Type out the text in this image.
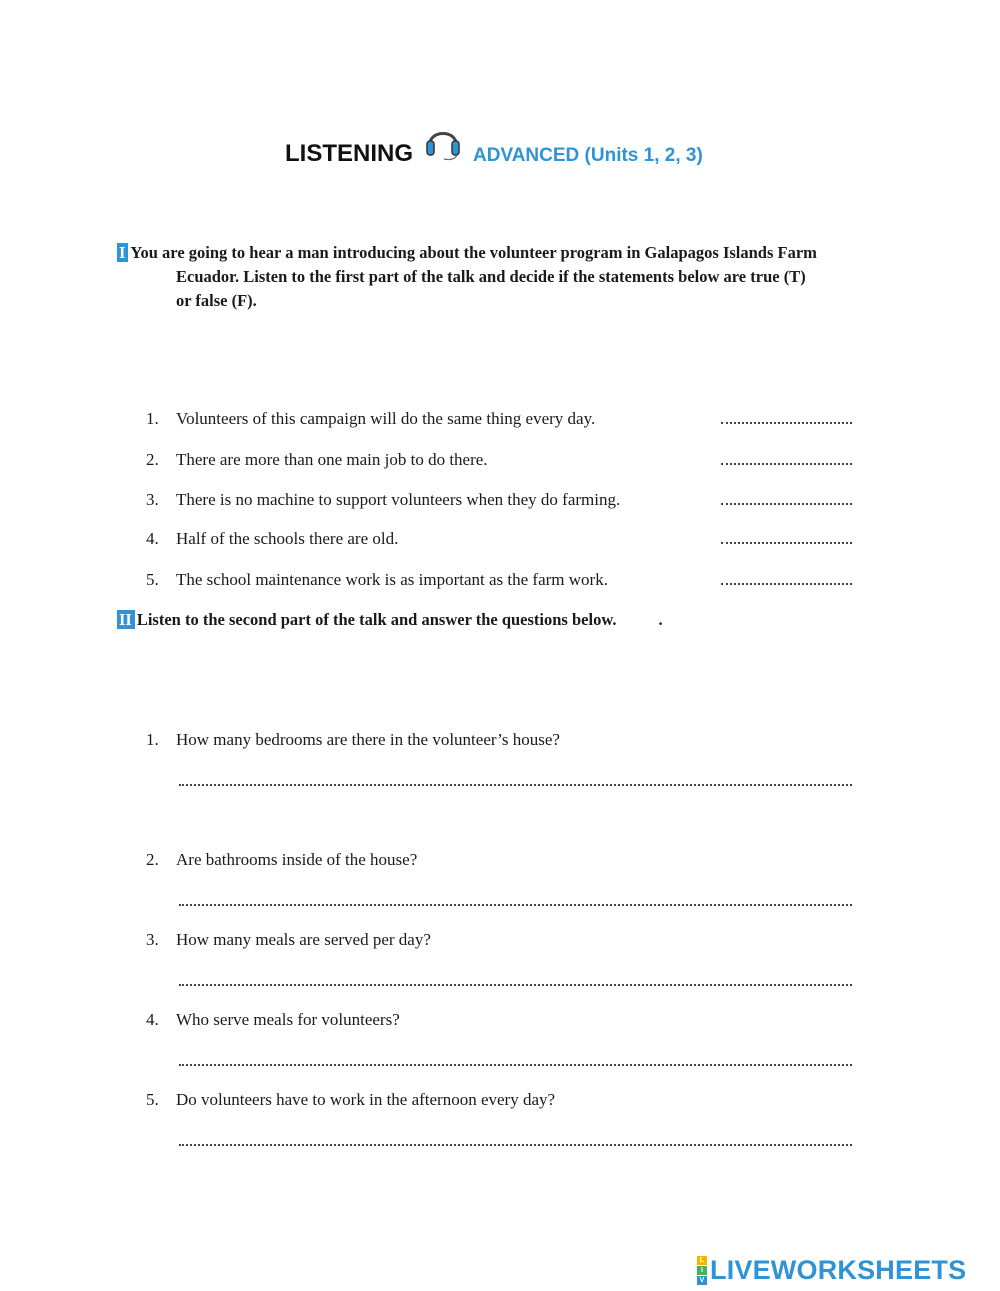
LISTENING	ADVANCED (Units 1, 2, 3)
I You are going to hear a man introducing about the volunteer program in Galapagos Islands Farm
Ecuador. Listen to the first part of the talk and decide if the statements below are true (T)
or false (F).
1.	Volunteers of this campaign will do the same thing every day.
2.	There are more than one main job to do there.
3.	There is no machine to support volunteers when they do farming.
4.	Half of the schools there are old.
5.	The school maintenance work is as important as the farm work.
II Listen to the second part of the talk and answer the questions below.	.
1. How many bedrooms are there in the volunteer’s house?
2. Are bathrooms inside of the house?
3. How many meals are served per day?
4. Who serve meals for volunteers?
5. Do volunteers have to work in the afternoon every day?
L
I
V LIVEWORKSHEETS
